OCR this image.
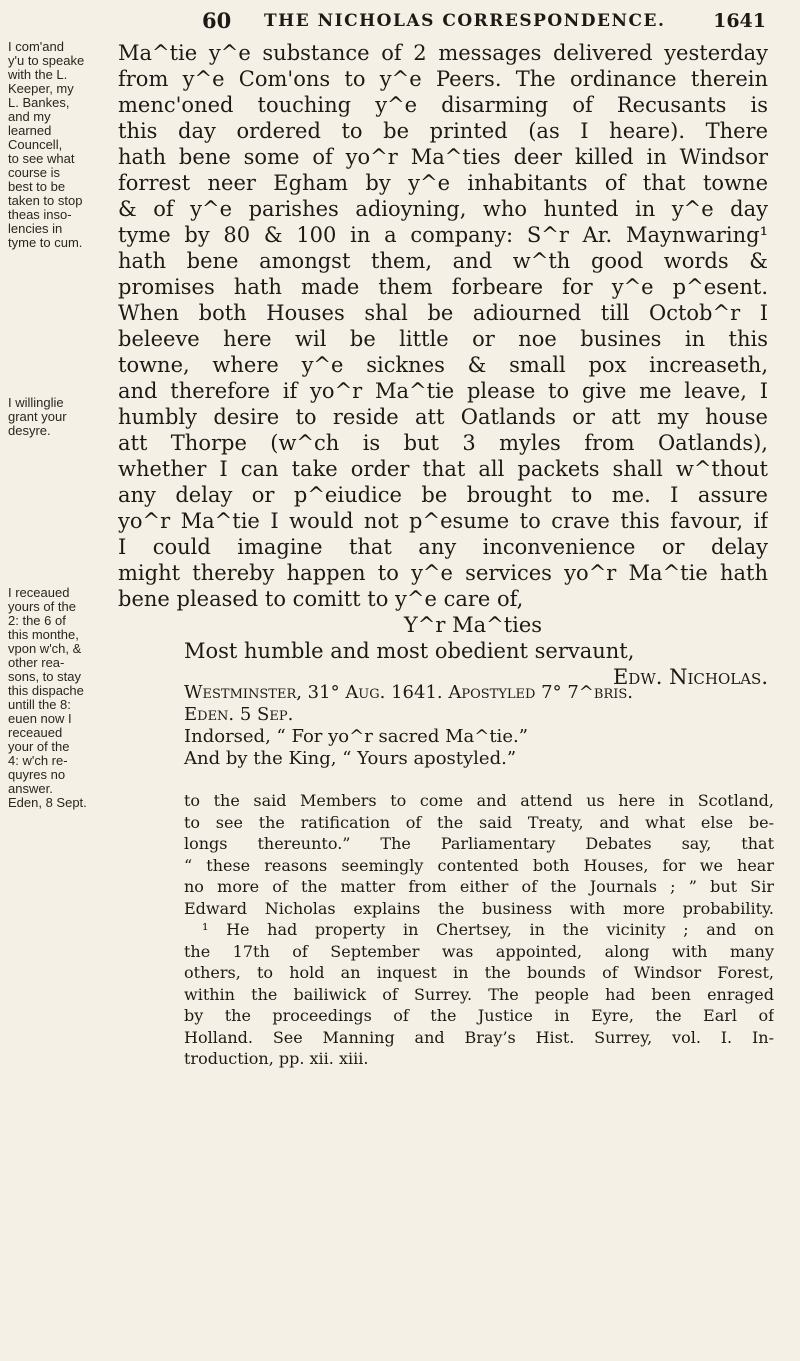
60 THE NICHOLAS CORRESPONDENCE.	1641
I com'and
y'u to speake
with the L.
Keeper, my
L. Bankes,
and my
learned
Councell,
to see what
course is
best to be
taken to stop
theas inso-
lencies in
tyme to cum.
I willinglie
grant your
desyre.
I receaued
yours of the
2: the 6 of
this monthe,
vpon w'ch, &
other rea-
sons, to stay
this dispache
untill the 8:
euen now I
receaued
your of the
4: w'ch re-
quyres no
answer.
Eden, 8 Sept.

Ma^tie y^e substance of 2 messages delivered yesterday

from y^e Com'ons to y^e Peers. The ordinance therein

menc'oned touching y^e disarming of Recusants is

this day ordered to be printed (as I heare). There

hath bene some of yo^r Ma^ties deer killed in Windsor

forrest neer Egham by y^e inhabitants of that towne

& of y^e parishes adioyning, who hunted in y^e day

tyme by 80 & 100 in a company: S^r Ar. Maynwaring¹

hath bene amongst them, and w^th good words &

promises hath made them forbeare for y^e p^esent.

When both Houses shal be adiourned till Octob^r I

beleeve here wil be little or noe busines in this

towne, where y^e sicknes & small pox increaseth,

and therefore if yo^r Ma^tie please to give me leave, I

humbly desire to reside att Oatlands or att my house

att Thorpe (w^ch is but 3 myles from Oatlands),

whether I can take order that all packets shall w^thout

any delay or p^eiudice be brought to me. I assure

yo^r Ma^tie I would not p^esume to crave this favour, if

I could imagine that any inconvenience or delay

might thereby happen to y^e services yo^r Ma^tie hath

bene pleased to comitt to y^e care of,

Y^r Ma^ties
Most humble and most obedient servaunt,
Edw. Nicholas.
Westminster, 31° Aug. 1641. Apostyled 7° 7^bris.
Eden. 5 Sep.
Indorsed, “ For yo^r sacred Ma^tie.”
And by the King, “ Yours apostyled.”

to the said Members to come and attend us here in Scotland,

to see the ratification of the said Treaty, and what else be-

longs thereunto.” The Parliamentary Debates say, that

“ these reasons seemingly contented both Houses, for we hear

no more of the matter from either of the Journals ; ” but Sir

Edward Nicholas explains the business with more probability.

¹ He had property in Chertsey, in the vicinity ; and on

the 17th of September was appointed, along with many

others, to hold an inquest in the bounds of Windsor Forest,

within the bailiwick of Surrey. The people had been enraged

by the proceedings of the Justice in Eyre, the Earl of

Holland. See Manning and Bray’s Hist. Surrey, vol. I. In-

troduction, pp. xii. xiii.
